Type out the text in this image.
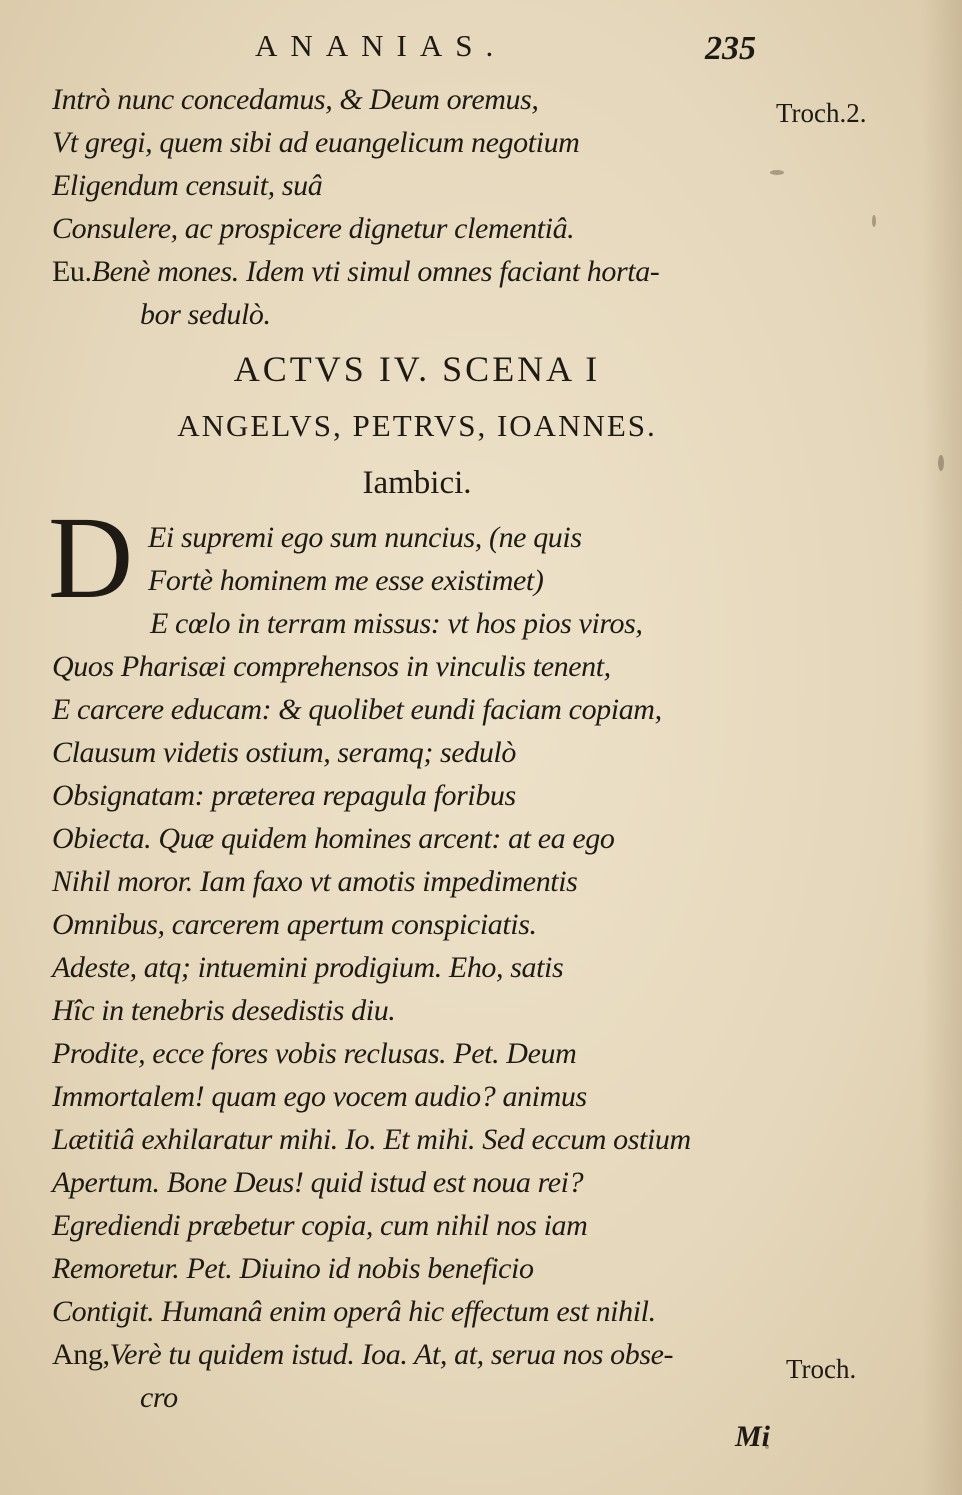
ANANIAS.	235
Troch.2.
Troch.
Intrò nunc concedamus, & Deum oremus,
Vt gregi, quem sibi ad euangelicum negotium
Eligendum censuit, suâ
Consulere, ac prospicere dignetur clementiâ.
Eu.Benè mones. Idem vti simul omnes faciant horta-
bor sedulò.
ACTVS IV. SCENA I
ANGELVS, PETRVS, IOANNES.
Iambici.
D Ei supremi ego sum nuncius, (ne quis
Fortè hominem me esse existimet)
E cœlo in terram missus: vt hos pios viros,
Quos Pharisæi comprehensos in vinculis tenent,
E carcere educam: & quolibet eundi faciam copiam,
Clausum videtis ostium, seramq; sedulò
Obsignatam: præterea repagula foribus
Obiecta. Quæ quidem homines arcent: at ea ego
Nihil moror. Iam faxo vt amotis impedimentis
Omnibus, carcerem apertum conspiciatis.
Adeste, atq; intuemini prodigium. Eho, satis
Hîc in tenebris desedistis diu.
Prodite, ecce fores vobis reclusas. Pet. Deum
Immortalem! quam ego vocem audio? animus
Lætitiâ exhilaratur mihi. Io. Et mihi. Sed eccum ostium
Apertum. Bone Deus! quid istud est noua rei?
Egrediendi præbetur copia, cum nihil nos iam
Remoretur. Pet. Diuino id nobis beneficio
Contigit. Humanâ enim operâ hic effectum est nihil.
Ang,Verè tu quidem istud. Ioa. At, at, serua nos obse-
cro
Mi
